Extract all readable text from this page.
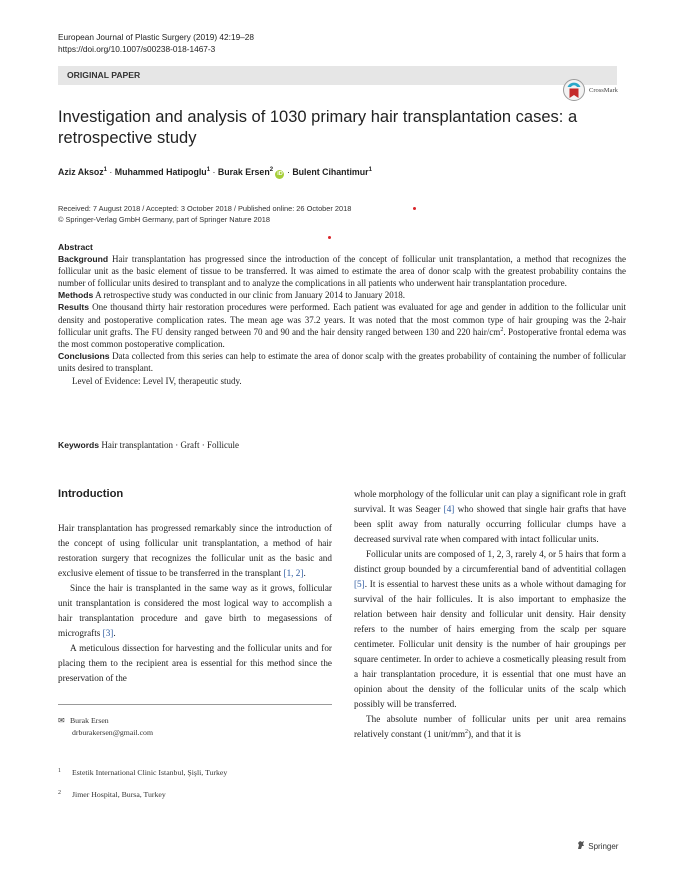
European Journal of Plastic Surgery (2019) 42:19–28
https://doi.org/10.1007/s00238-018-1467-3
ORIGINAL PAPER
CrossMark
Investigation and analysis of 1030 primary hair transplantation cases: a retrospective study
Aziz Aksoz$^1$ · Muhammed Hatipoglu$^1$ · Burak Ersen$^2$ iD · Bulent Cihantimur$^1$
Received: 7 August 2018 / Accepted: 3 October 2018 / Published online: 26 October 2018
© Springer-Verlag GmbH Germany, part of Springer Nature 2018

Abstract

Background Hair transplantation has progressed since the introduction of the concept of follicular unit transplantation, a method that recognizes the follicular unit as the basic element of tissue to be transferred. It was aimed to estimate the area of donor scalp with the greatest probability contains the number of follicular units desired to transplant and to analyze the complications in all patients who underwent hair transplantation procedure.

Methods A retrospective study was conducted in our clinic from January 2014 to January 2018.

Results One thousand thirty hair restoration procedures were performed. Each patient was evaluated for age and gender in addition to the follicular unit density and postoperative complication rates. The mean age was 37.2 years. It was noted that the most common type of hair grouping was the 2-hair follicular unit grafts. The FU density ranged between 70 and 90 and the hair density ranged between 130 and 220 hair/$cm^2$. Postoperative frontal edema was the most common postoperative complication.

Conclusions Data collected from this series can help to estimate the area of donor scalp with the greates probability of containing the number of follicular units desired to transplant.

Level of Evidence: Level IV, therapeutic study.

Keywords Hair transplantation · Graft · Follicule
Introduction

Hair transplantation has progressed remarkably since the introduction of the concept of using follicular unit transplantation, a method of hair restoration surgery that recognizes the follicular unit as the basic and exclusive element of tissue to be transferred in the transplant [1, 2].

Since the hair is transplanted in the same way as it grows, follicular unit transplantation is considered the most logical way to accomplish a hair transplantation procedure and gave birth to megasessions of micrografts [3].

A meticulous dissection for harvesting and the follicular units and for placing them to the recipient area is essential for this method since the preservation of the

whole morphology of the follicular unit can play a significant role in graft survival. It was Seager [4] who showed that single hair grafts that have been split away from naturally occurring follicular clumps have a decreased survival rate when compared with intact follicular units.

Follicular units are composed of 1, 2, 3, rarely 4, or 5 hairs that form a distinct group bounded by a circumferential band of adventitial collagen [5]. It is essential to harvest these units as a whole without damaging for survival of the hair follicules. It is also important to emphasize the relation between hair density and follicular unit density. Hair density refers to the number of hairs emerging from the scalp per square centimeter. Follicular unit density is the number of hair groupings per square centimeter. In order to achieve a cosmetically pleasing result from a hair transplantation procedure, it is essential that one must have an opinion about the density of the follicular units of the scalp which possibly will be transferred.

The absolute number of follicular units per unit area remains relatively constant (1 unit/$mm^2$), and that it is

✉ Burak Ersen
drburakersen@gmail.com
1 Estetik International Clinic Istanbul, Şişli, Turkey
2 Jimer Hospital, Bursa, Turkey
Springer
